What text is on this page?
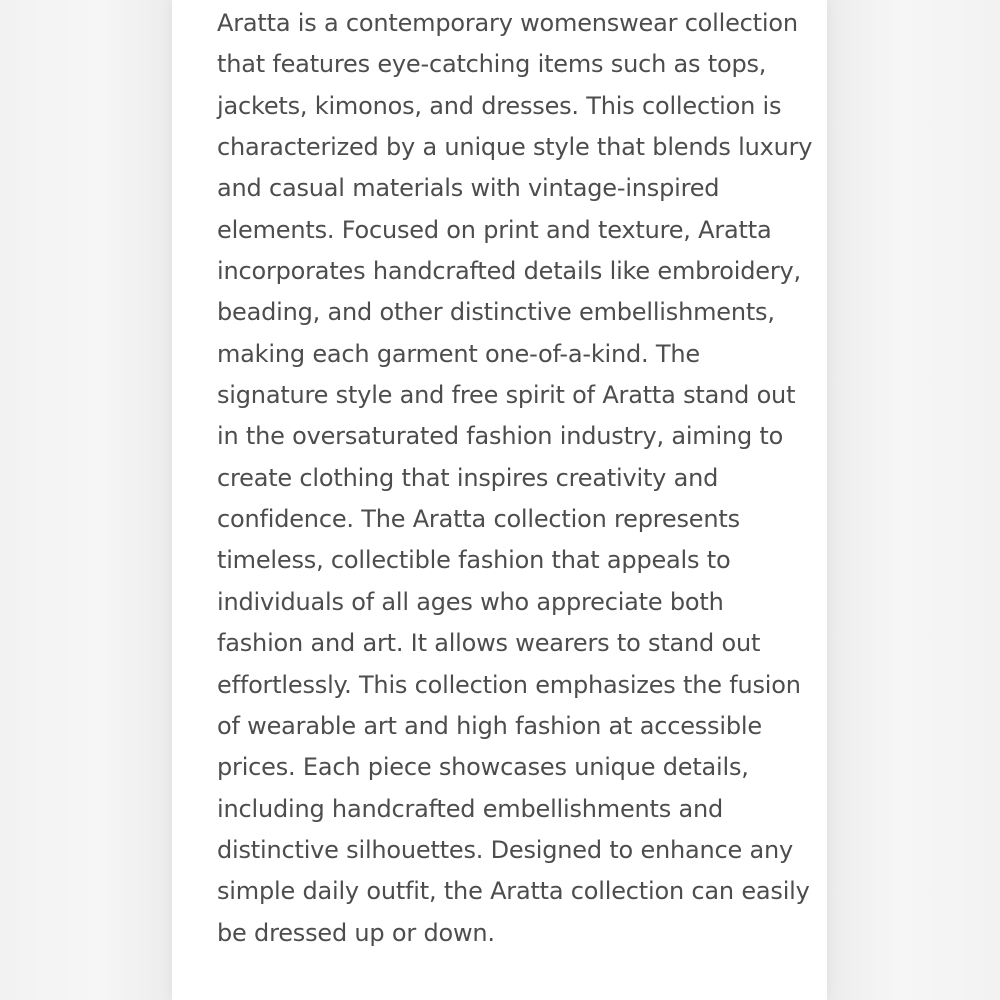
Aratta is a contemporary womenswear collection
that features eye-catching items such as tops,
jackets, kimonos, and dresses. This collection is
characterized by a unique style that blends luxury
and casual materials with vintage-inspired
elements. Focused on print and texture, Aratta
incorporates handcrafted details like embroidery,
beading, and other distinctive embellishments,
making each garment one-of-a-kind. The
signature style and free spirit of Aratta stand out
in the oversaturated fashion industry, aiming to
create clothing that inspires creativity and
confidence. The Aratta collection represents
timeless, collectible fashion that appeals to
individuals of all ages who appreciate both
fashion and art. It allows wearers to stand out
effortlessly. This collection emphasizes the fusion
of wearable art and high fashion at accessible
prices. Each piece showcases unique details,
including handcrafted embellishments and
distinctive silhouettes. Designed to enhance any
simple daily outfit, the Aratta collection can easily
be dressed up or down.
